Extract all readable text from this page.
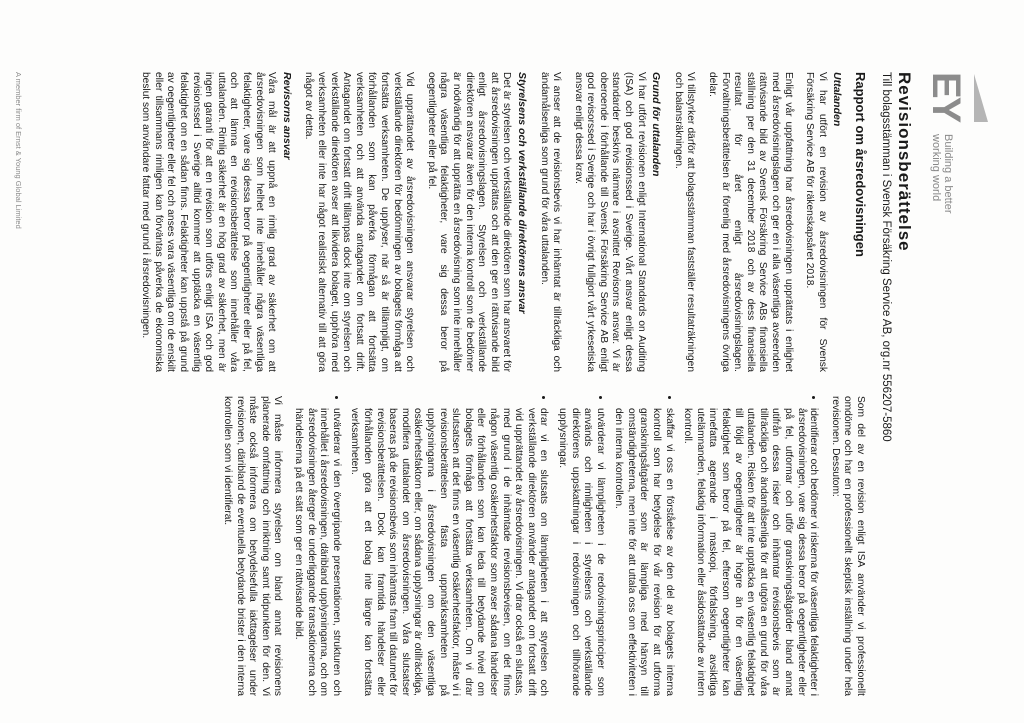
EY
Building a better
working world
Revisionsberättelse
Till bolagsstämman i Svensk Försäkring Service AB, org.nr 556207-5860
Rapport om årsredovisningen
Uttalanden

Vi har utfört en revision av årsredovisningen för Svensk Försäkring Service AB för räkenskapsåret 2018.

Enligt vår uppfattning har årsredovisningen upprättats i enlighet med årsredovisningslagen och ger en i alla väsentliga avseenden rättvisande bild av Svensk Försäkring Service ABs finansiella ställning per den 31 december 2018 och av dess finansiella resultat för året enligt årsredovisningslagen. Förvaltningsberättelsen är förenlig med årsredovisningens övriga delar.

Vi tillstyrker därför att bolagsstämman fastställer resultaträkningen och balansräkningen.

Grund för uttalanden

Vi har utfört revisionen enligt International Standards on Auditing (ISA) och god revisionssed i Sverige. Vårt ansvar enligt dessa standarder beskrivs närmare i avsnittet Revisorns ansvar. Vi är oberoende i förhållande till Svensk Försäkring Service AB enligt god revisorssed i Sverige och har i övrigt fullgjort vårt yrkesetiska ansvar enligt dessa krav.

Vi anser att de revisionsbevis vi har inhämtat är tillräckliga och ändamålsenliga som grund för våra uttalanden.

Styrelsens och verkställande direktörens ansvar

Det är styrelsen och verkställande direktören som har ansvaret för att årsredovisningen upprättas och att den ger en rättvisande bild enligt årsredovisningslagen. Styrelsen och verkställande direktören ansvarar även för den interna kontroll som de bedömer är nödvändig för att upprätta en årsredovisning som inte innehåller några väsentliga felaktigheter, vare sig dessa beror på oegentligheter eller på fel.

Vid upprättandet av årsredovisningen ansvarar styrelsen och verkställande direktören för bedömningen av bolagets förmåga att fortsätta verksamheten. De upplyser, när så är tillämpligt, om förhållanden som kan påverka förmågan att fortsätta verksamheten och att använda antagandet om fortsatt drift. Antagandet om fortsatt drift tillämpas dock inte om styrelsen och verkställande direktören avser att likvidera bolaget, upphöra med verksamheten eller inte har något realistiskt alternativ till att göra något av detta.

Revisorns ansvar

Våra mål är att uppnå en rimlig grad av säkerhet om att årsredovisningen som helhet inte innehåller några väsentliga felaktigheter, vare sig dessa beror på oegentligheter eller på fel, och att lämna en revisionsberättelse som innehåller våra uttalanden. Rimlig säkerhet är en hög grad av säkerhet, men är ingen garanti för att en revision som utförs enligt ISA och god revisionssed i Sverige alltid kommer att upptäcka en väsentlig felaktighet om en sådan finns. Felaktigheter kan uppstå på grund av oegentligheter eller fel och anses vara väsentliga om de enskilt eller tillsammans rimligen kan förväntas påverka de ekonomiska beslut som användare fattar med grund i årsredovisningen.

Som del av en revision enligt ISA använder vi professionellt omdöme och har en professionellt skeptisk inställning under hela revisionen. Dessutom:

• identifierar och bedömer vi riskerna för väsentliga felaktigheter i årsredovisningen, vare sig dessa beror på oegentligheter eller på fel, utformar och utför granskningsåtgärder bland annat utifrån dessa risker och inhämtar revisionsbevis som är tillräckliga och ändamålsenliga för att utgöra en grund för våra uttalanden. Risken för att inte upptäcka en väsentlig felaktighet till följd av oegentligheter är högre än för en väsentlig felaktighet som beror på fel, eftersom oegentligheter kan innefatta agerande i maskopi, förfalskning, avsiktliga utelämnanden, felaktig information eller åsidosättande av intern kontroll.
• skaffar vi oss en förståelse av den del av bolagets interna kontroll som har betydelse för vår revision för att utforma granskningsåtgärder som är lämpliga med hänsyn till omständigheterna, men inte för att uttala oss om effektiviteten i den interna kontrollen.
• utvärderar vi lämpligheten i de redovisningsprinciper som används och rimligheten i styrelsens och verkställande direktörens uppskattningar i redovisningen och tillhörande upplysningar.
• drar vi en slutsats om lämpligheten i att styrelsen och verkställande direktören använder antagandet om fortsatt drift vid upprättandet av årsredovisningen. Vi drar också en slutsats, med grund i de inhämtade revisionsbevisen, om det finns någon väsentlig osäkerhetsfaktor som avser sådana händelser eller förhållanden som kan leda till betydande tvivel om bolagets förmåga att fortsätta verksamheten. Om vi drar slutsatsen att det finns en väsentlig osäkerhetsfaktor, måste vi i revisionsberättelsen fästa uppmärksamheten på upplysningarna i årsredovisningen om den väsentliga osäkerhetsfaktorn eller, om sådana upplysningar är otillräckliga, modifiera uttalandet om årsredovisningen. Våra slutsatser baseras på de revisionsbevis som inhämtas fram till datumet för revisionsberättelsen. Dock kan framtida händelser eller förhållanden göra att ett bolag inte längre kan fortsätta verksamheten.
• utvärderar vi den övergripande presentationen, strukturen och innehållet i årsredovisningen, däribland upplysningarna, och om årsredovisningen återger de underliggande transaktionerna och händelserna på ett sätt som ger en rättvisande bild.

Vi måste informera styrelsen om bland annat revisionens planerade omfattning och inriktning samt tidpunkten för den. Vi måste också informera om betydelsefulla iakttagelser under revisionen, däribland de eventuella betydande brister i den interna kontrollen som vi identifierat.

A member firm of Ernst & Young Global Limited
